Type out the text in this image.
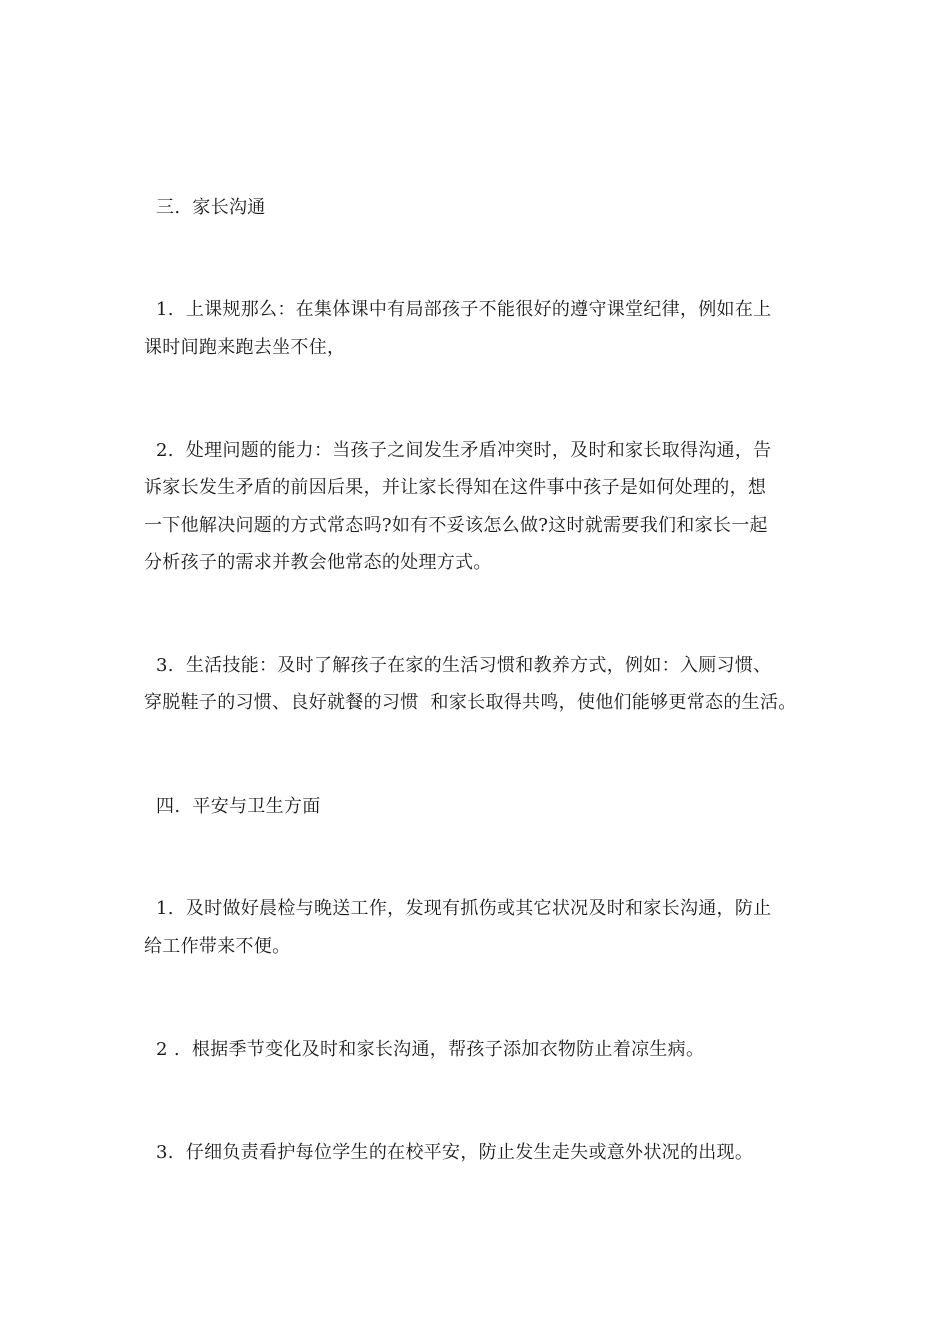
三.  家长沟通
1.  上课规那么：在集体课中有局部孩子不能很好的遵守课堂纪律，例如在上
课时间跑来跑去坐不住，
2.  处理问题的能力：当孩子之间发生矛盾冲突时，及时和家长取得沟通，告
诉家长发生矛盾的前因后果，并让家长得知在这件事中孩子是如何处理的，想
一下他解决问题的方式常态吗?如有不妥该怎么做?这时就需要我们和家长一起
分析孩子的需求并教会他常态的处理方式。
3.  生活技能：及时了解孩子在家的生活习惯和教养方式，例如：入厕习惯、
穿脱鞋子的习惯、良好就餐的习惯  和家长取得共鸣，使他们能够更常态的生活。
四.  平安与卫生方面
1.  及时做好晨检与晚送工作，发现有抓伤或其它状况及时和家长沟通，防止
给工作带来不便。
2 .  根据季节变化及时和家长沟通，帮孩子添加衣物防止着凉生病。
3.  仔细负责看护每位学生的在校平安，防止发生走失或意外状况的出现。
